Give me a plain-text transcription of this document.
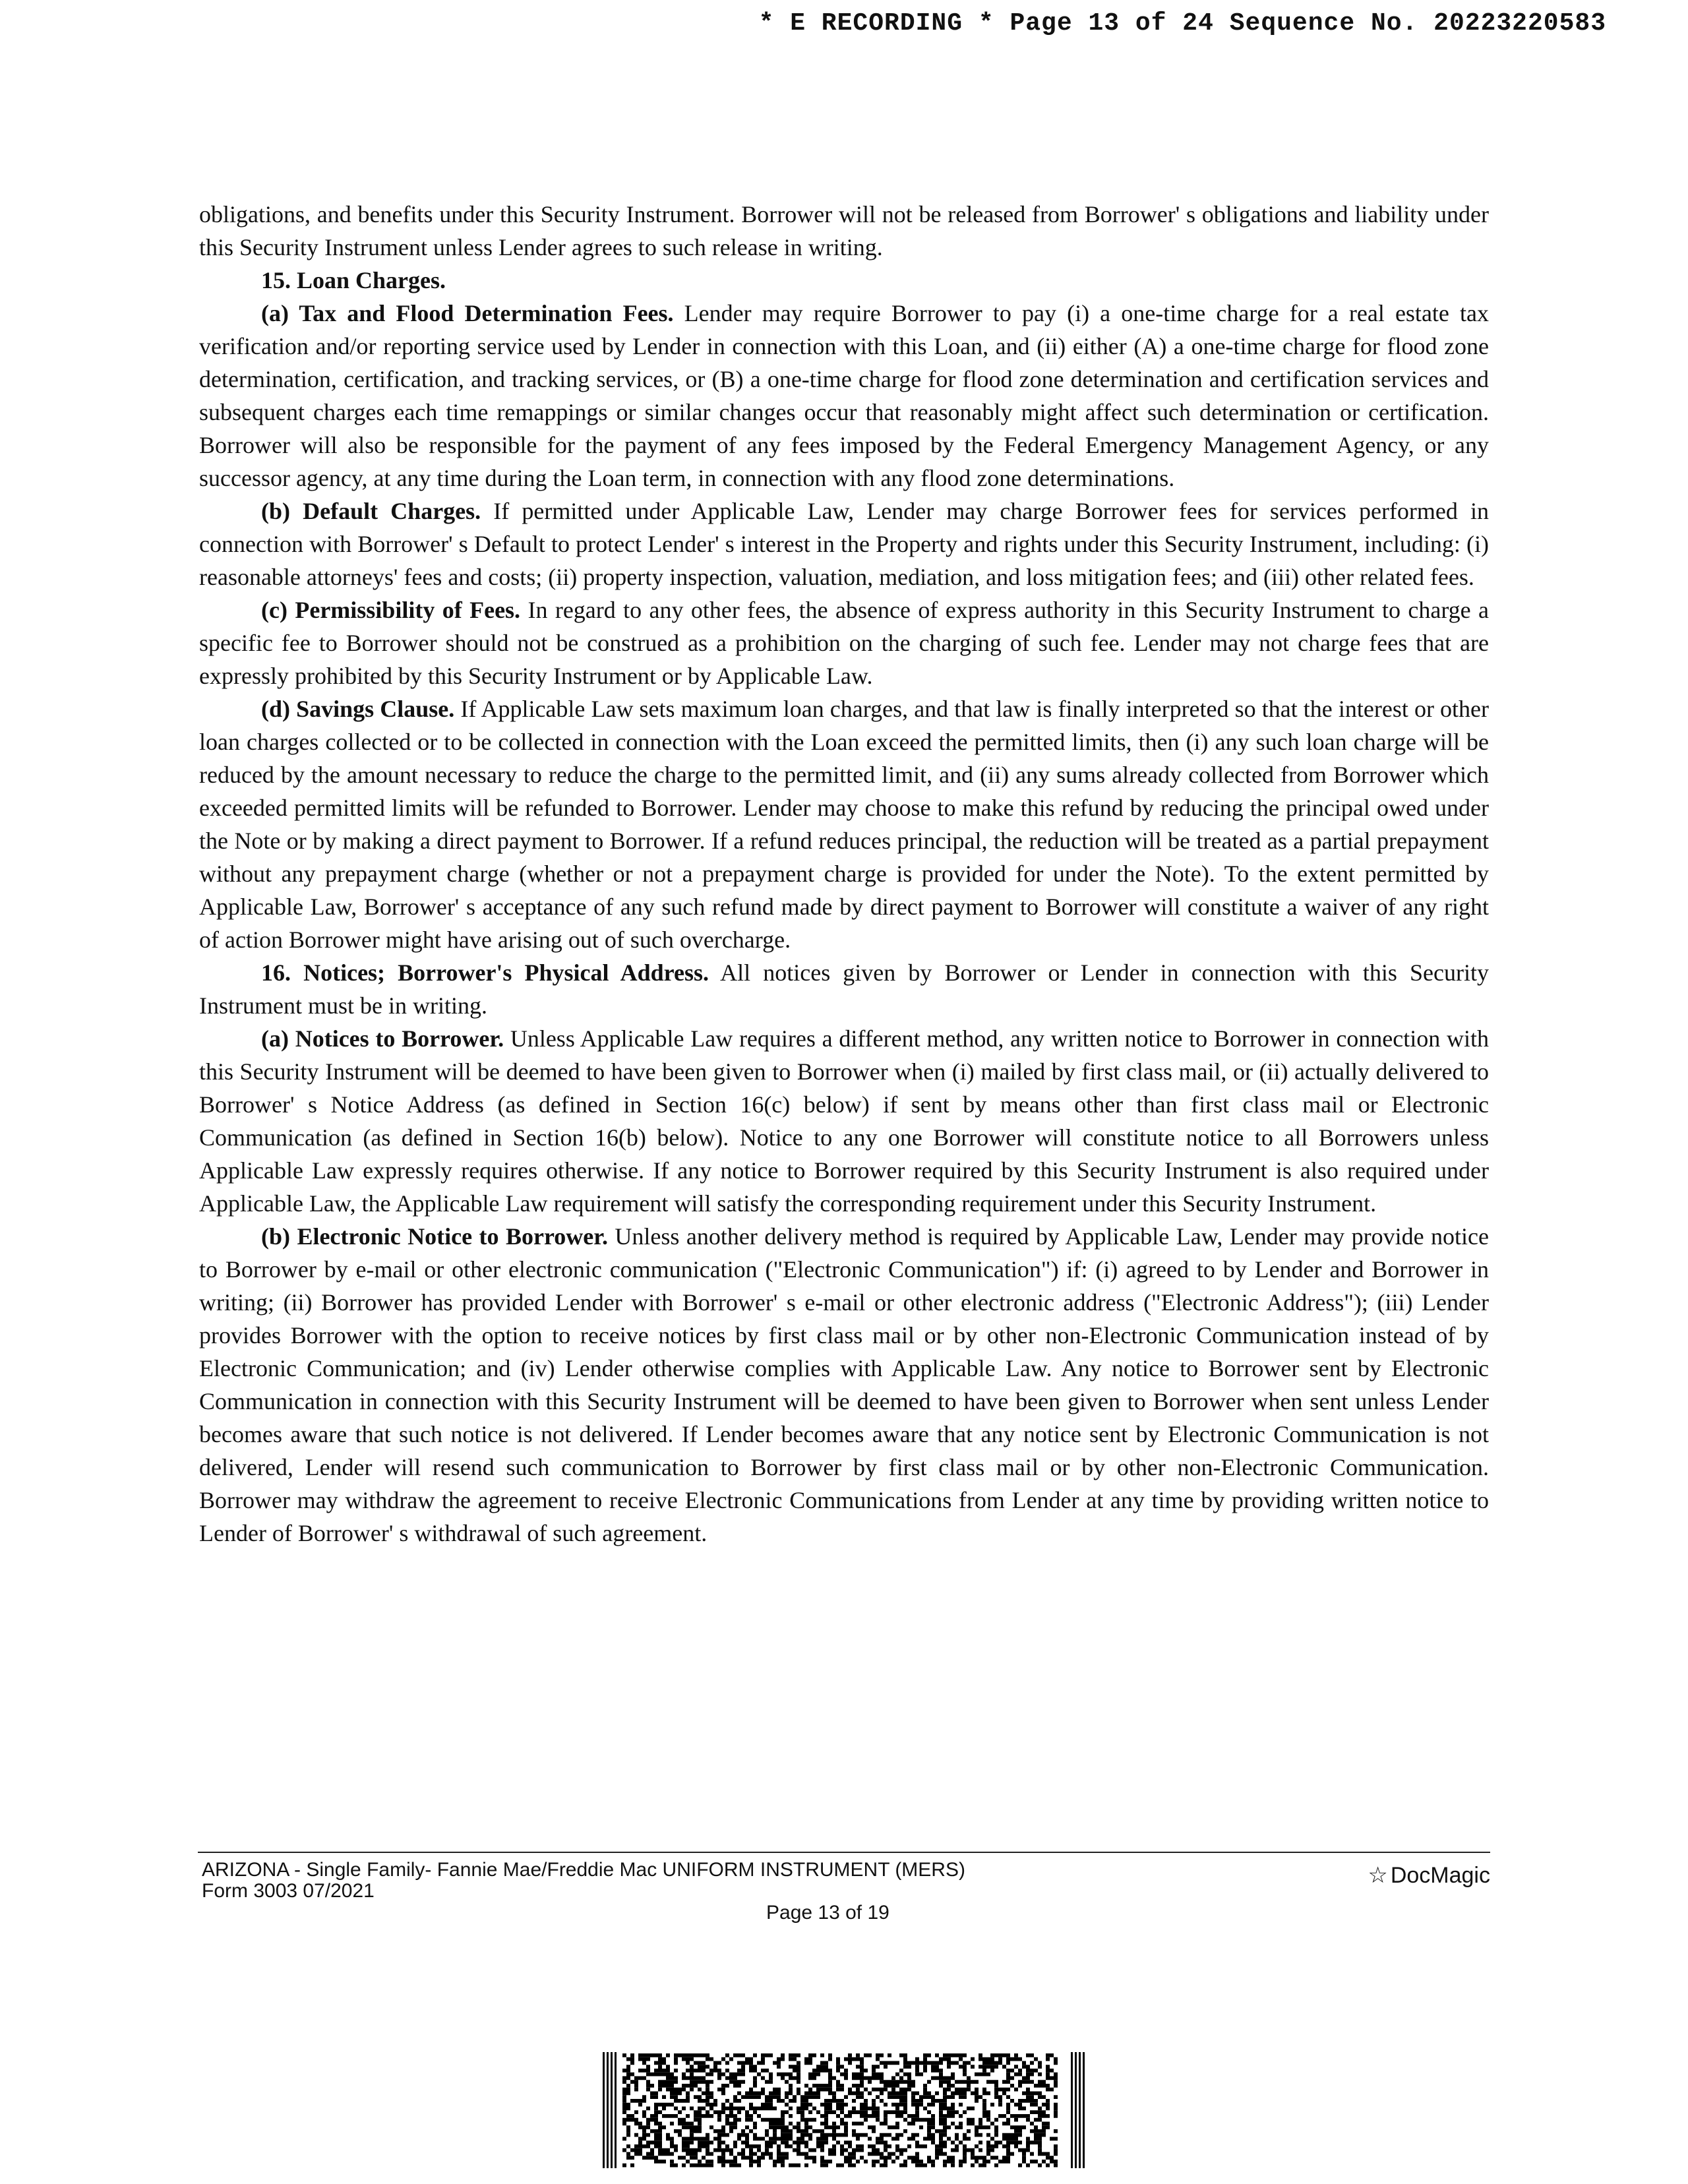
* E RECORDING * Page 13 of 24 Sequence No. 20223220583

obligations, and benefits under this Security Instrument. Borrower will not be released from Borrower' s obligations and liability under this Security Instrument unless Lender agrees to such release in writing.

15. Loan Charges.

(a) Tax and Flood Determination Fees. Lender may require Borrower to pay (i) a one-time charge for a real estate tax verification and/or reporting service used by Lender in connection with this Loan, and (ii) either (A) a one-time charge for flood zone determination, certification, and tracking services, or (B) a one-time charge for flood zone determination and certification services and subsequent charges each time remappings or similar changes occur that reasonably might affect such determination or certification. Borrower will also be responsible for the payment of any fees imposed by the Federal Emergency Management Agency, or any successor agency, at any time during the Loan term, in connection with any flood zone determinations.

(b) Default Charges. If permitted under Applicable Law, Lender may charge Borrower fees for services performed in connection with Borrower' s Default to protect Lender' s interest in the Property and rights under this Security Instrument, including: (i) reasonable attorneys' fees and costs; (ii) property inspection, valuation, mediation, and loss mitigation fees; and (iii) other related fees.

(c) Permissibility of Fees. In regard to any other fees, the absence of express authority in this Security Instrument to charge a specific fee to Borrower should not be construed as a prohibition on the charging of such fee. Lender may not charge fees that are expressly prohibited by this Security Instrument or by Applicable Law.

(d) Savings Clause. If Applicable Law sets maximum loan charges, and that law is finally interpreted so that the interest or other loan charges collected or to be collected in connection with the Loan exceed the permitted limits, then (i) any such loan charge will be reduced by the amount necessary to reduce the charge to the permitted limit, and (ii) any sums already collected from Borrower which exceeded permitted limits will be refunded to Borrower. Lender may choose to make this refund by reducing the principal owed under the Note or by making a direct payment to Borrower. If a refund reduces principal, the reduction will be treated as a partial prepayment without any prepayment charge (whether or not a prepayment charge is provided for under the Note). To the extent permitted by Applicable Law, Borrower' s acceptance of any such refund made by direct payment to Borrower will constitute a waiver of any right of action Borrower might have arising out of such overcharge.

16. Notices; Borrower's Physical Address. All notices given by Borrower or Lender in connection with this Security Instrument must be in writing.

(a) Notices to Borrower. Unless Applicable Law requires a different method, any written notice to Borrower in connection with this Security Instrument will be deemed to have been given to Borrower when (i) mailed by first class mail, or (ii) actually delivered to Borrower' s Notice Address (as defined in Section 16(c) below) if sent by means other than first class mail or Electronic Communication (as defined in Section 16(b) below). Notice to any one Borrower will constitute notice to all Borrowers unless Applicable Law expressly requires otherwise. If any notice to Borrower required by this Security Instrument is also required under Applicable Law, the Applicable Law requirement will satisfy the corresponding requirement under this Security Instrument.

(b) Electronic Notice to Borrower. Unless another delivery method is required by Applicable Law, Lender may provide notice to Borrower by e-mail or other electronic communication ("Electronic Communication") if: (i) agreed to by Lender and Borrower in writing; (ii) Borrower has provided Lender with Borrower' s e-mail or other electronic address ("Electronic Address"); (iii) Lender provides Borrower with the option to receive notices by first class mail or by other non-Electronic Communication instead of by Electronic Communication; and (iv) Lender otherwise complies with Applicable Law. Any notice to Borrower sent by Electronic Communication in connection with this Security Instrument will be deemed to have been given to Borrower when sent unless Lender becomes aware that such notice is not delivered. If Lender becomes aware that any notice sent by Electronic Communication is not delivered, Lender will resend such communication to Borrower by first class mail or by other non-Electronic Communication. Borrower may withdraw the agreement to receive Electronic Communications from Lender at any time by providing written notice to Lender of Borrower' s withdrawal of such agreement.

ARIZONA - Single Family- Fannie Mae/Freddie Mac UNIFORM INSTRUMENT (MERS)
Form 3003 07/2021
☆ DocMagic
Page 13 of 19
